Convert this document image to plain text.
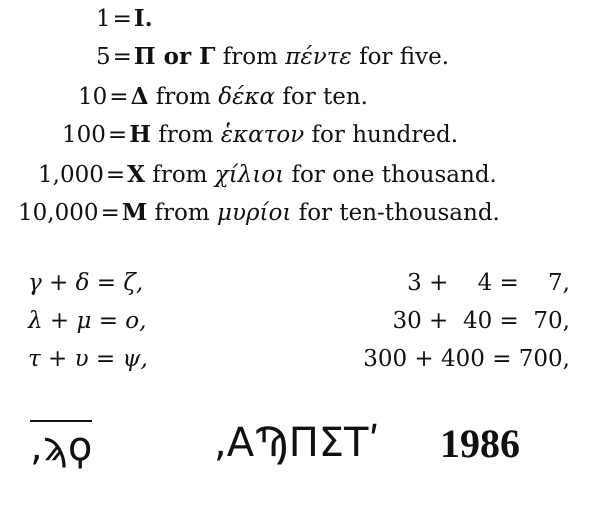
1=I.
5=Π or Γ from πέντε for five.
10=Δ from δέκα for ten.
100=Η from ἑκατον for hundred.
1,000=Χ from χίλιοι for one thousand.
10,000=Μ from μυρίοι for ten-thousand.
γ + δ = ζ,	3 +    4 =    7,
λ + μ = ο,	30 +  40 =  70,
τ + υ = ψ,	300 + 400 = 700,
,ϡϙ	,ΑϠΠΣΤʹ 1986
